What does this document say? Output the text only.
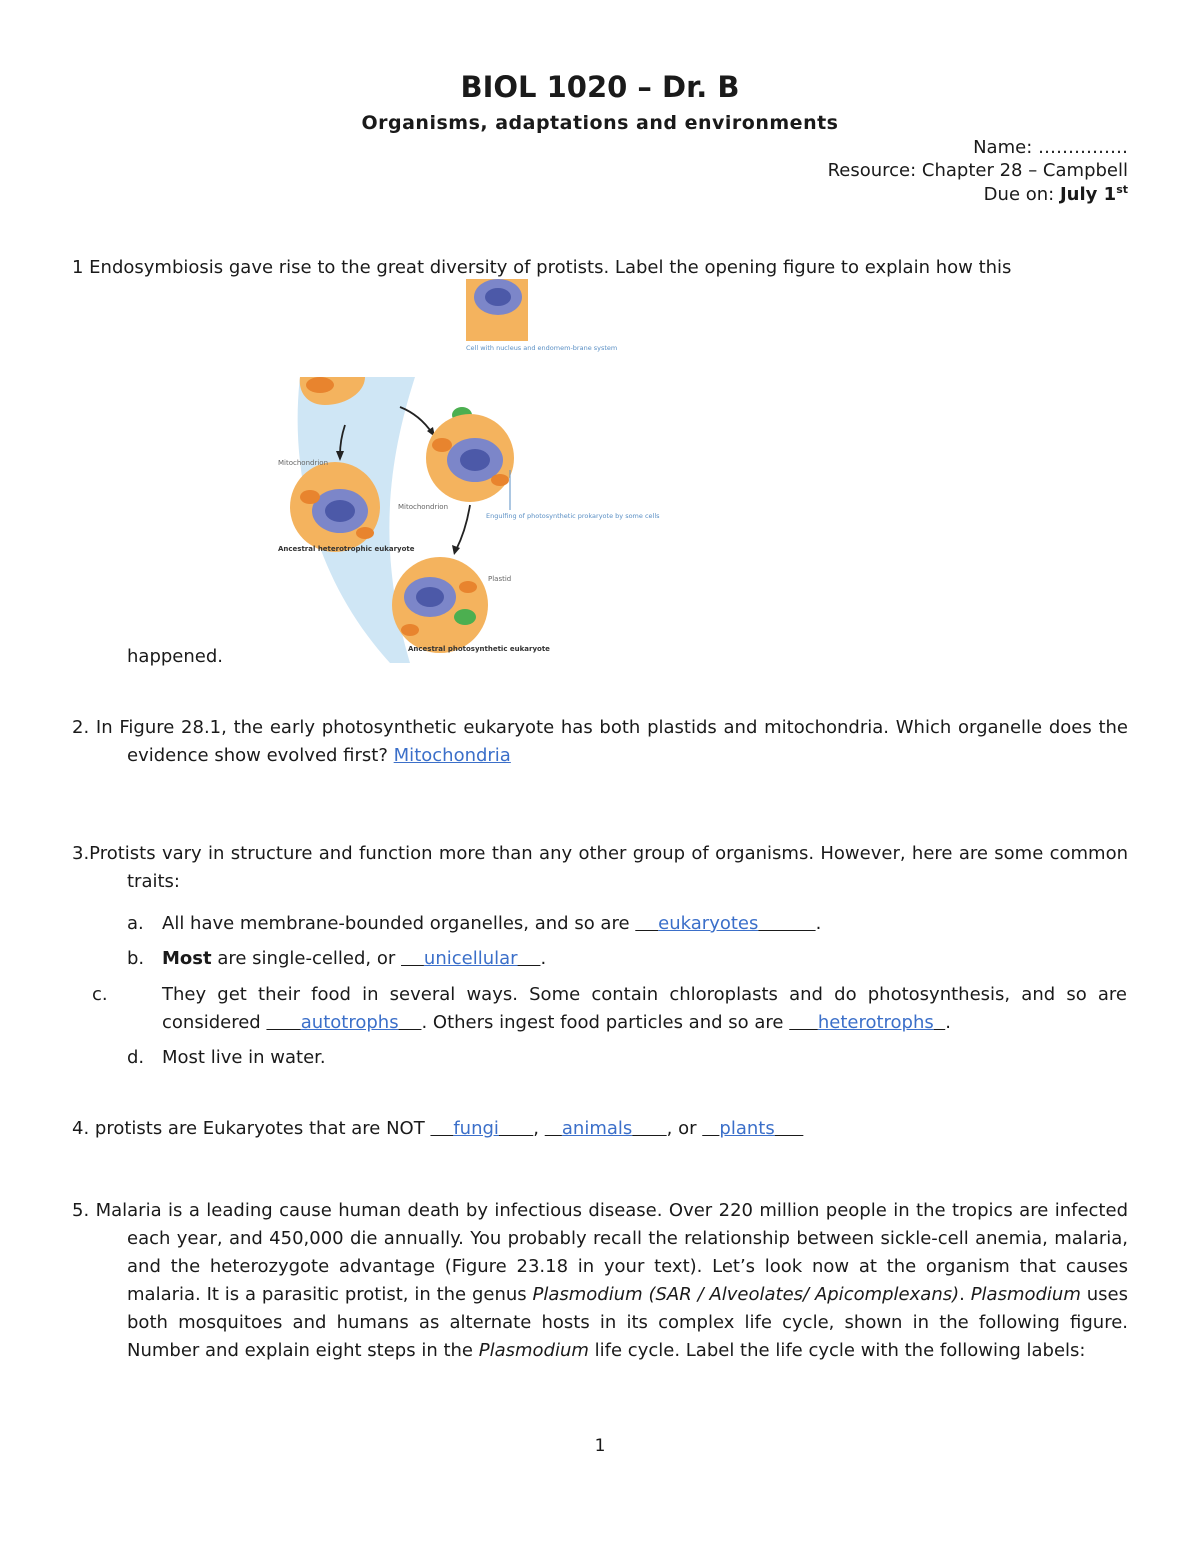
BIOL 1020 – Dr. B
Organisms, adaptations and environments
Name: ……………
Resource: Chapter 28 – Campbell
Due on: July 1st
1 Endosymbiosis gave rise to the great diversity of protists. Label the opening figure to explain how this
Cell with nucleus and endomem-brane system
Engulfing of photosynthetic prokaryote by some cells
Mitochondrion
Mitochondrion
Ancestral heterotrophic eukaryote
Plastid
Ancestral photosynthetic eukaryote
happened.
2. In Figure 28.1, the early photosynthetic eukaryote has both plastids and mitochondria. Which organelle does the evidence show evolved first? Mitochondria
3.Protists vary in structure and function more than any other group of organisms. However, here are some common traits:
a. All have membrane-bounded organelles, and so are eukaryotes	.
b. Most are single-celled, or unicellular .
c.	They get their food in several ways. Some contain chloroplasts and do photosynthesis, and so are considered autotrophs . Others ingest food particles and so are heterotrophs .
d. Most live in water.
4. protists are Eukaryotes that are NOT fungi ,    animals , or plants
5. Malaria is a leading cause human death by infectious disease. Over 220 million people in the tropics are infected each year, and 450,000 die annually. You probably recall the relationship between sickle-cell anemia, malaria, and the heterozygote advantage (Figure 23.18 in your text). Let’s look now at the organism that causes malaria. It is a parasitic protist, in the genus Plasmodium (SAR / Alveolates/ Apicomplexans). Plasmodium uses both mosquitoes and humans as alternate hosts in its complex life cycle, shown in the following figure. Number and explain eight steps in the Plasmodium life cycle. Label the life cycle with the following labels:
1
